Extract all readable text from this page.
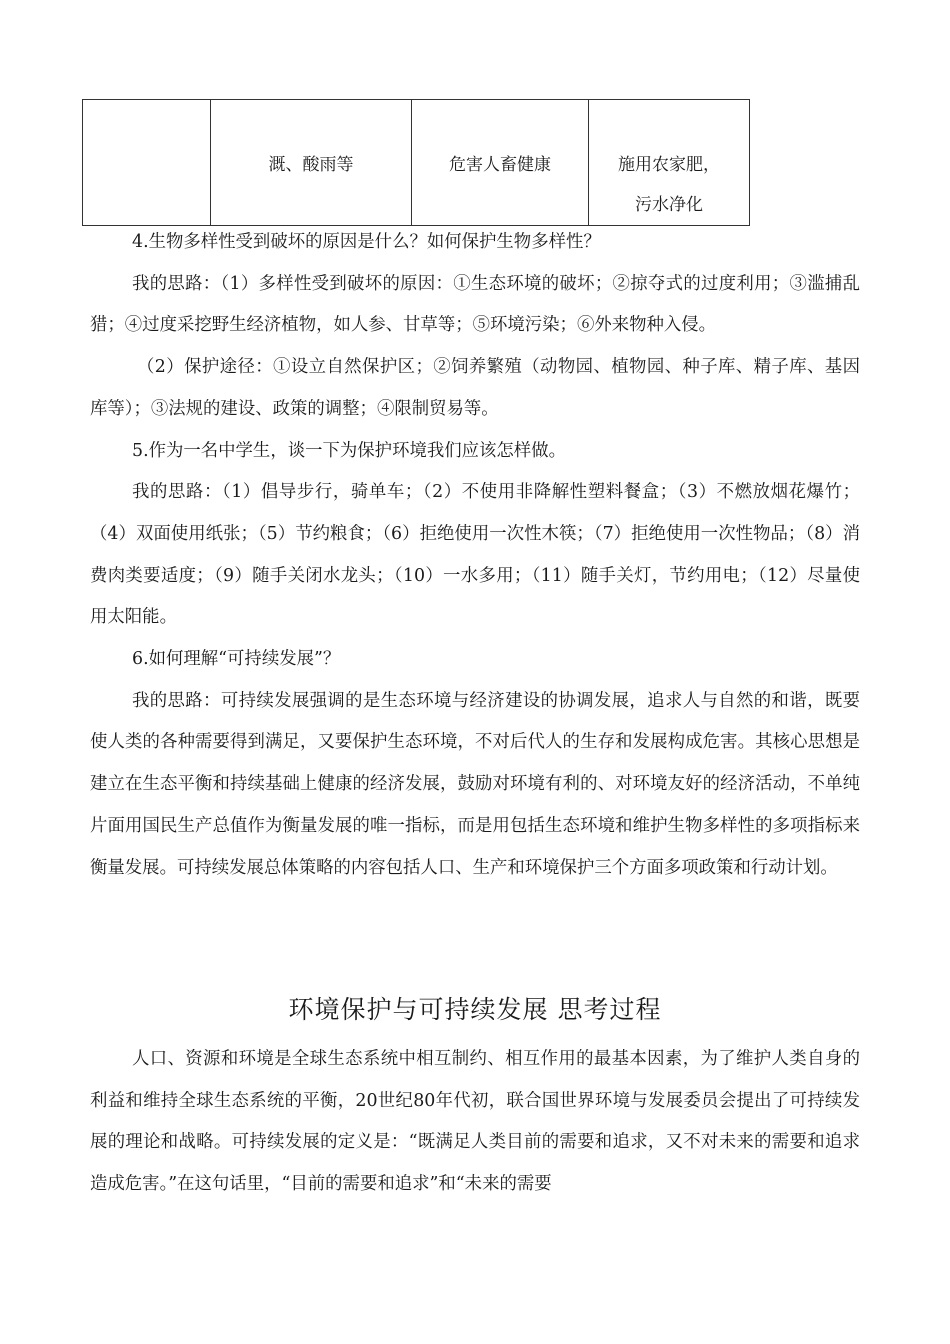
溉、酸雨等	危害人畜健康	施用农家肥，
污水净化

4.生物多样性受到破坏的原因是什么？如何保护生物多样性？

我的思路：（1）多样性受到破坏的原因：①生态环境的破坏；②掠夺式的过度利用；③滥捕乱猎；④过度采挖野生经济植物，如人参、甘草等；⑤环境污染；⑥外来物种入侵。

（2）保护途径：①设立自然保护区；②饲养繁殖（动物园、植物园、种子库、精子库、基因库等）；③法规的建设、政策的调整；④限制贸易等。

5.作为一名中学生，谈一下为保护环境我们应该怎样做。

我的思路：（1）倡导步行，骑单车；（2）不使用非降解性塑料餐盒；（3）不燃放烟花爆竹；（4）双面使用纸张；（5）节约粮食；（6）拒绝使用一次性木筷；（7）拒绝使用一次性物品；（8）消费肉类要适度；（9）随手关闭水龙头；（10）一水多用；（11）随手关灯，节约用电；（12）尽量使用太阳能。

6.如何理解“可持续发展”？

我的思路：可持续发展强调的是生态环境与经济建设的协调发展，追求人与自然的和谐，既要使人类的各种需要得到满足，又要保护生态环境，不对后代人的生存和发展构成危害。其核心思想是建立在生态平衡和持续基础上健康的经济发展，鼓励对环境有利的、对环境友好的经济活动，不单纯片面用国民生产总值作为衡量发展的唯一指标，而是用包括生态环境和维护生物多样性的多项指标来衡量发展。可持续发展总体策略的内容包括人口、生产和环境保护三个方面多项政策和行动计划。

环境保护与可持续发展 思考过程

人口、资源和环境是全球生态系统中相互制约、相互作用的最基本因素，为了维护人类自身的利益和维持全球生态系统的平衡，20世纪80年代初，联合国世界环境与发展委员会提出了可持续发展的理论和战略。可持续发展的定义是：“既满足人类目前的需要和追求，又不对未来的需要和追求造成危害。”在这句话里，“目前的需要和追求”和“未来的需要
